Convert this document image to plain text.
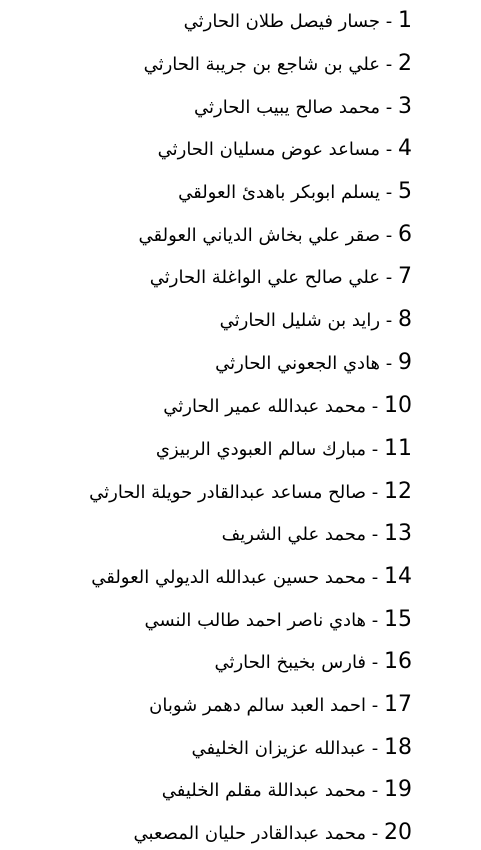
1 - جسار فيصل طلان الحارثي
2 - علي بن شاجع بن جريبة الحارثي
3 - محمد صالح يبيب الحارثي
4 - مساعد عوض مسليان الحارثي
5 - يسلم ابوبكر باهدئ العولقي
6 - صقر علي بخاش الدياني العولقي
7 - علي صالح علي الواغلة الحارثي
8 - رايد بن شليل الحارثي
9 - هادي الجعوني الحارثي
10 - محمد عبدالله عمير الحارثي
11 - مبارك سالم العبودي الربيزي
12 - صالح مساعد عبدالقادر حويلة الحارثي
13 - محمد علي الشريف
14 - محمد حسين عبدالله الديولي العولقي
15 - هادي ناصر احمد طالب النسي
16 - فارس بخيبخ الحارثي
17 - احمد العبد سالم دهمر شوبان
18 - عبدالله عزيزان الخليفي
19 - محمد عبداللة مقلم الخليفي
20 - محمد عبدالقادر حليان المصعبي
